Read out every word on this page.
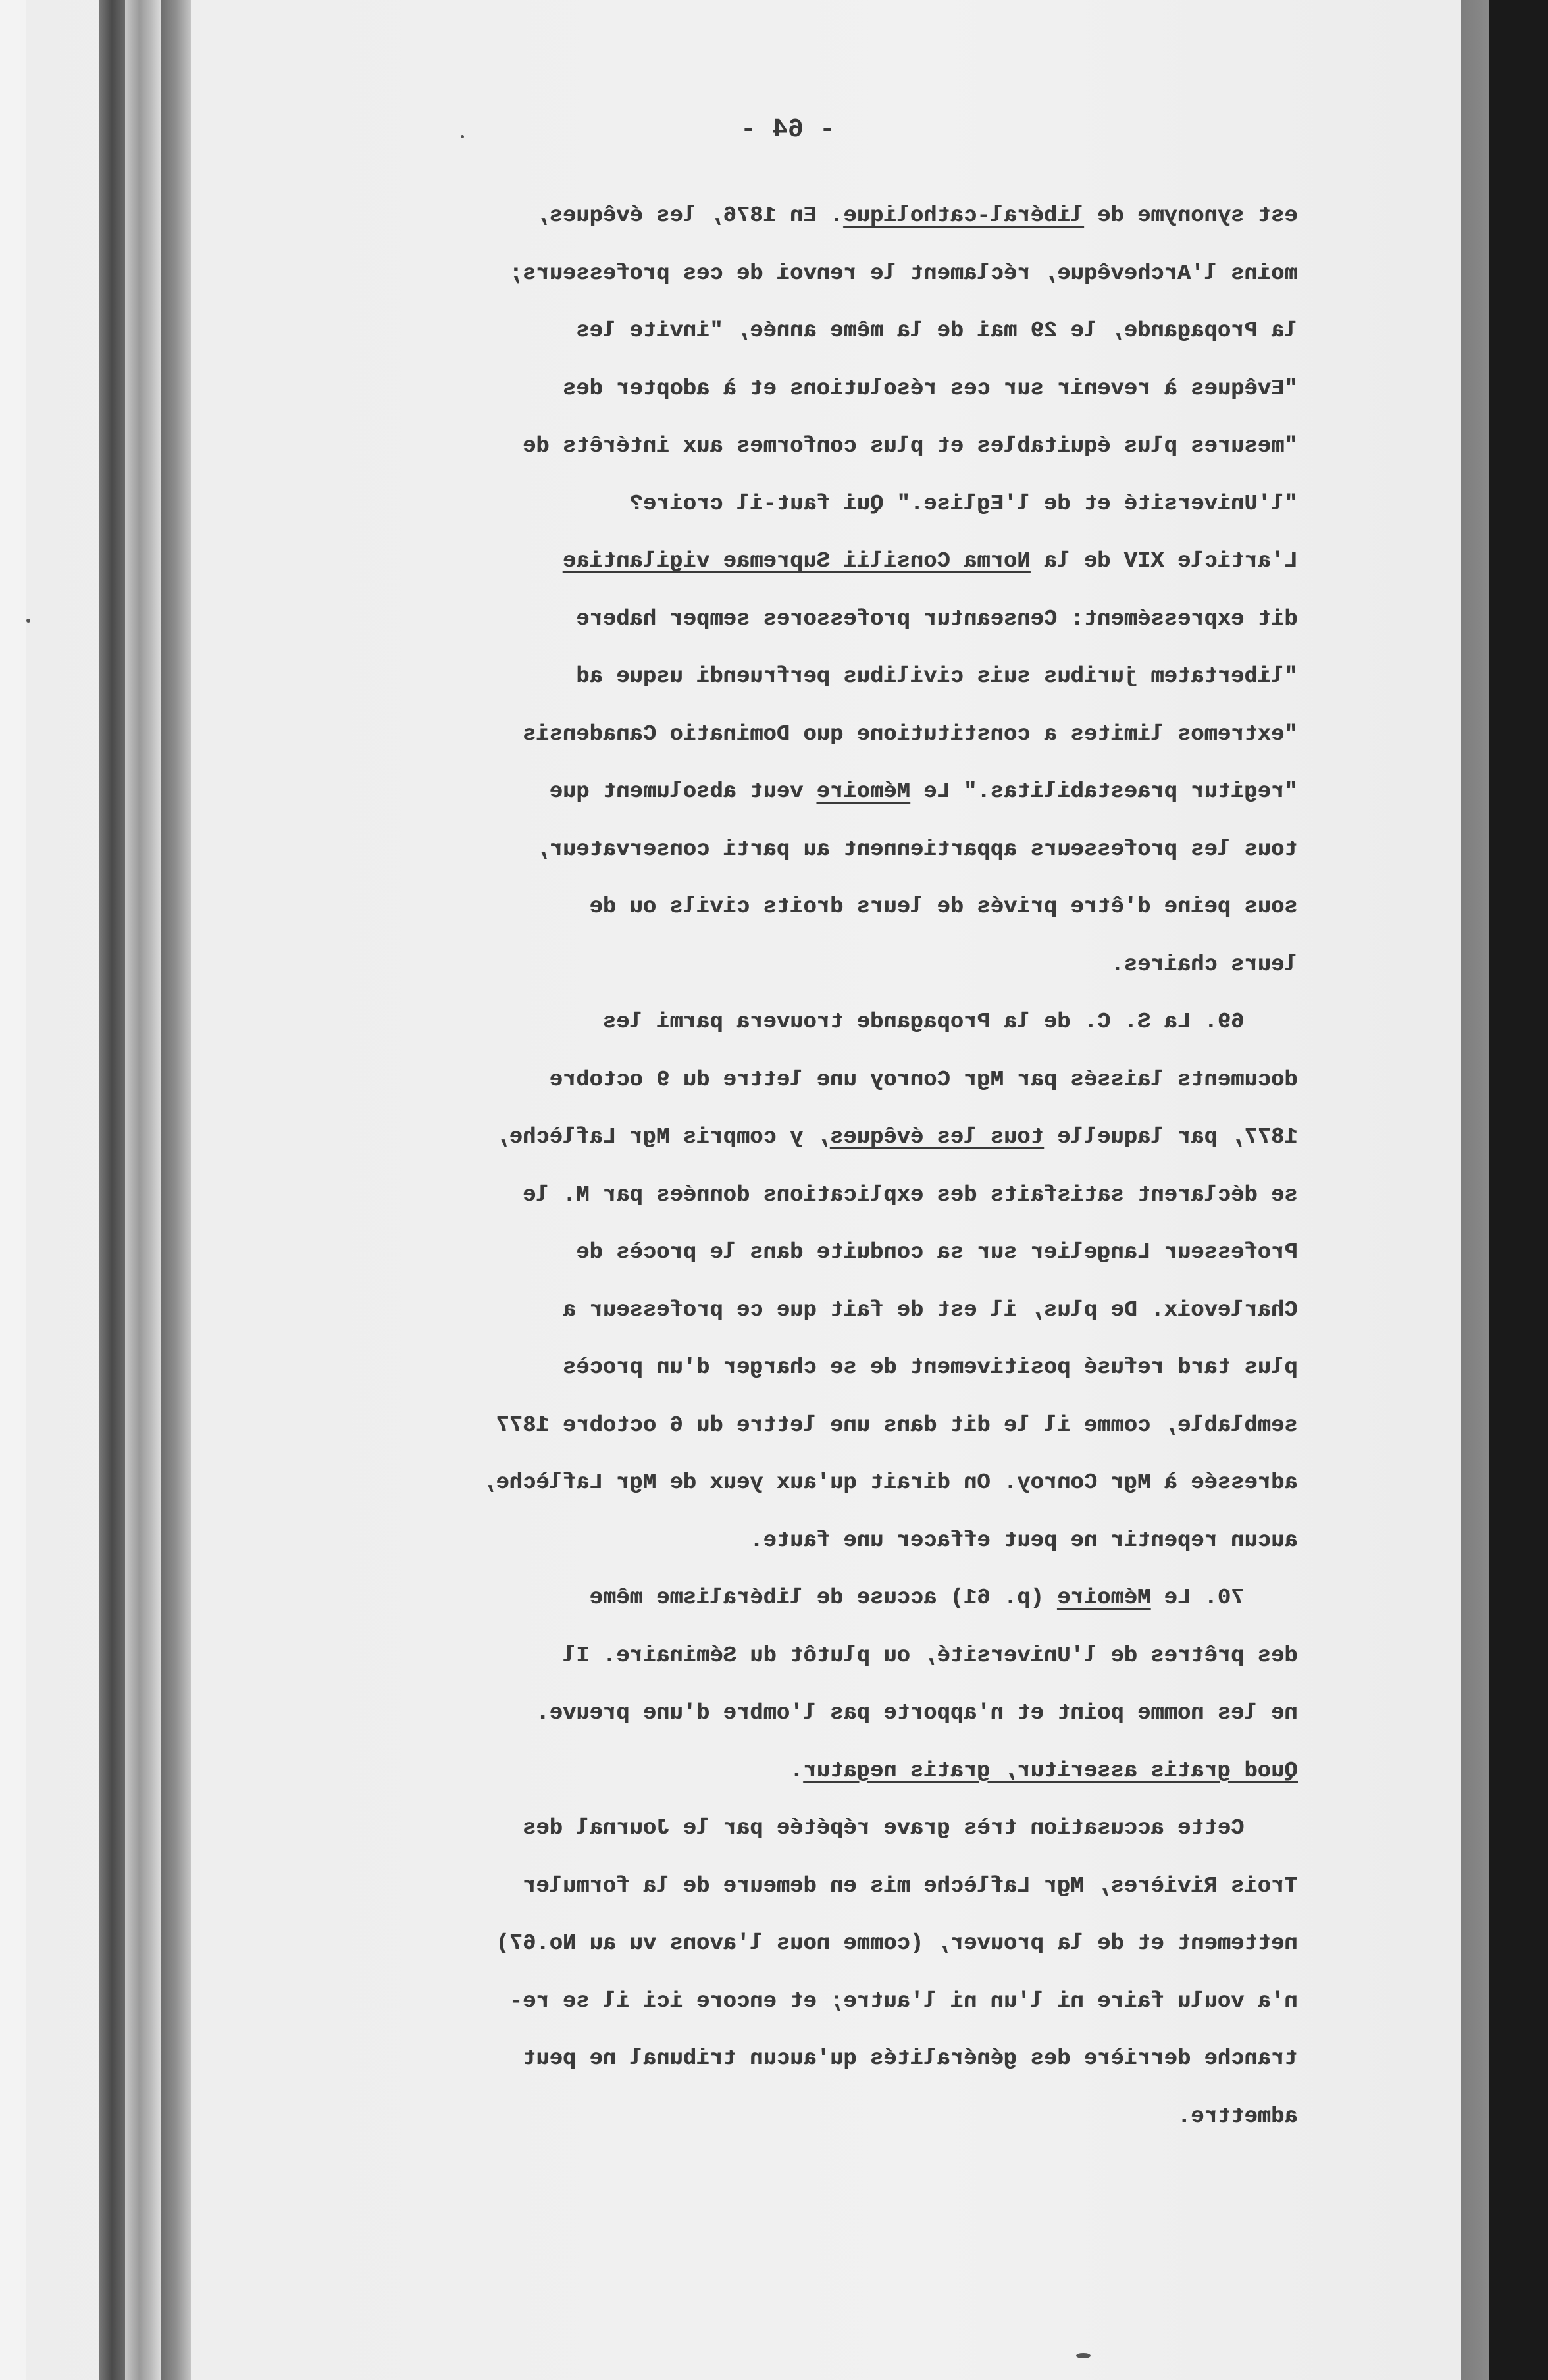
- 64 -
est synonyme de libéral-catholique. En 1876, les évêques,
moins l'Archevêque, réclament le renvoi de ces professeurs;
la Propagande, le 29 mai de la même année, "invite les
"Evêques à revenir sur ces résolutions et à adopter des
"mesures plus équitables et plus conformes aux intérêts de
"l'Université et de l'Eglise." Qui faut-il croire?
L'article XIV de la Norma Consilii Supremae vigilantiae
dit expressément: Censeantur professores semper habere
"libertatem juribus suis civilibus perfruendi usque ad
"extremos limites a constitutione quo Dominatio Canadensis
"regitur praestabilitas." Le Mémoire veut absolument que
tous les professeurs appartiennent au parti conservateur,
sous peine d'être privés de leurs droits civils ou de
leurs chaires.
69. La S. C. de la Propagande trouvera parmi les
documents laissés par Mgr Conroy une lettre du 9 octobre
1877, par laquelle tous les évêques, y compris Mgr Laflèche,
se déclarent satisfaits des explications données par M. le
Professeur Langelier sur sa conduite dans le procès de
Charlevoix. De plus, il est de fait que ce professeur a
plus tard refusé positivement de se charger d'un procès
semblable, comme il le dit dans une lettre du 6 octobre 1877
adressée à Mgr Conroy. On dirait qu'aux yeux de Mgr Laflèche,
aucun repentir ne peut effacer une faute.
70. Le Mémoire (p. 61) accuse de libéralisme même
des prêtres de l'Université, ou plutôt du Séminaire. Il
ne les nomme point et n'apporte pas l'ombre d'une preuve.
Quod gratis asseritur, gratis negatur.
Cette accusation très grave répétée par le Journal des
Trois Rivières, Mgr Laflèche mis en demeure de la formuler
nettement et de la prouver, (comme nous l'avons vu au No.67)
n'a voulu faire ni l'un ni l'autre; et encore ici il se re-
tranche derrière des généralités qu'aucun tribunal ne peut
admettre.
